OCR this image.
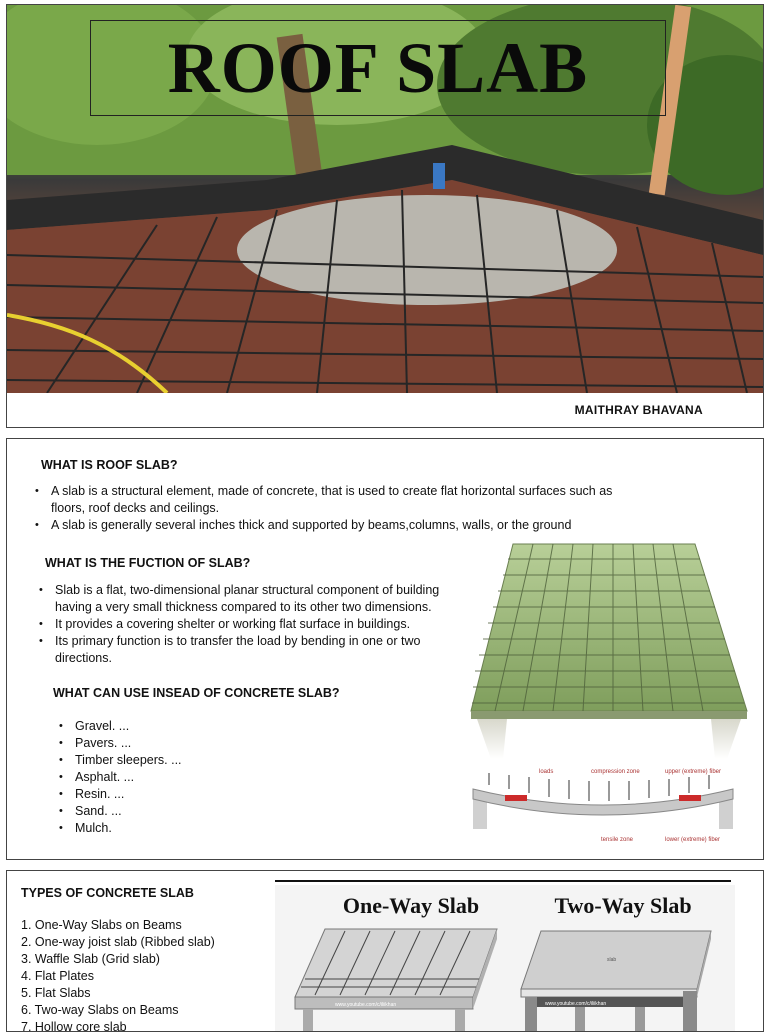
ROOF SLAB
MAITHRAY BHAVANA
WHAT IS ROOF SLAB?
• A slab is a structural element, made of concrete, that is used to create flat horizontal surfaces such as
floors, roof decks and ceilings.
• A slab is generally several inches thick and supported by beams,columns, walls, or the ground
WHAT IS THE FUCTION OF SLAB?
• Slab is a flat, two-dimensional planar structural component of building
having a very small thickness compared to its other two dimensions.
• It provides a covering shelter or working flat surface in buildings.
• Its primary function is to transfer the load by bending in one or two
directions.
WHAT CAN USE INSEAD OF CONCRETE SLAB?
• Gravel. ...
• Pavers. ...
• Timber sleepers. ...
• Asphalt. ...
• Resin. ...
• Sand. ...
• Mulch.
loads	compression zone	upper (extreme) fiber
tensile zone	lower (extreme) fiber
TYPES OF CONCRETE SLAB
1. One-Way Slabs on Beams
2. One-way joist slab (Ribbed slab)
3. Waffle Slab (Grid slab)
4. Flat Plates
5. Flat Slabs
6. Two-way Slabs on Beams
7. Hollow core slab
One-Way Slab	Two-Way Slab
www.youtube.com/c/iliikhan
slab
www.youtube.com/c/iliikhan
